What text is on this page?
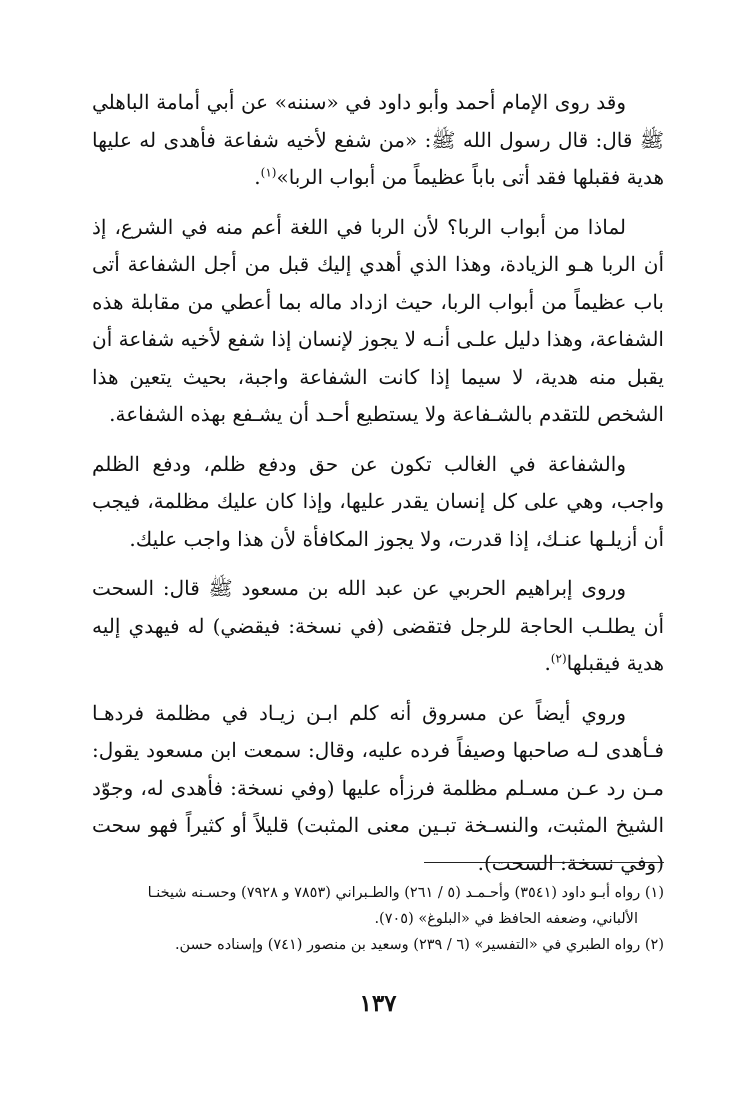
وقد روى الإمام أحمد وأبو داود في «سننه» عن أبي أمامة الباهلي ﷺ قال: قال رسول الله ﷺ: «من شفع لأخيه شفاعة فأهدى له عليها هدية فقبلها فقد أتى باباً عظيماً من أبواب الربا»$^{(١)}$.

لماذا من أبواب الربا؟ لأن الربا في اللغة أعم منه في الشرع، إذ أن الربا هـو الزيادة، وهذا الذي أهدي إليك قبل من أجل الشفاعة أتى باب عظيماً من أبواب الربا، حيث ازداد ماله بما أعطي من مقابلة هذه الشفاعة، وهذا دليل علـى أنـه لا يجوز لإنسان إذا شفع لأخيه شفاعة أن يقبل منه هدية، لا سيما إذا كانت الشفاعة واجبة، بحيث يتعين هذا الشخص للتقدم بالشـفاعة ولا يستطيع أحـد أن يشـفع بهذه الشفاعة.

والشفاعة في الغالب تكون عن حق ودفع ظلم، ودفع الظلم واجب، وهي على كل إنسان يقدر عليها، وإذا كان عليك مظلمة، فيجب أن أزيلـها عنـك، إذا قدرت، ولا يجوز المكافأة لأن هذا واجب عليك.

وروى إبراهيم الحربي عن عبد الله بن مسعود ﷺ قال: السحت أن يطلـب الحاجة للرجل فتقضى (في نسخة: فيقضي) له فيهدي إليه هدية فيقبلها$^{(٢)}$.

وروي أيضاً عن مسروق أنه كلم ابـن زيـاد في مظلمة فردهـا فـأهدى لـه صاحبها وصيفاً فرده عليه، وقال: سمعت ابن مسعود يقول: مـن رد عـن مسـلم مظلمة فرزأه عليها (وفي نسخة: فأهدى له، وجوّد الشيخ المثبت، والنسـخة تبـين معنى المثبت) قليلاً أو كثيراً فهو سحت (وفي نسخة: السحت).

(١) رواه أبـو داود (٣٥٤١) وأحـمـد (٥ / ٢٦١) والطـبراني (٧٨٥٣ و ٧٩٢٨) وحسـنه شيخنـا

الألباني، وضعفه الحافظ في «البلوغ» (٧٠٥).

(٢) رواه الطبري في «التفسير» (٦ / ٢٣٩) وسعيد بن منصور (٧٤١) وإسناده حسن.

١٣٧
